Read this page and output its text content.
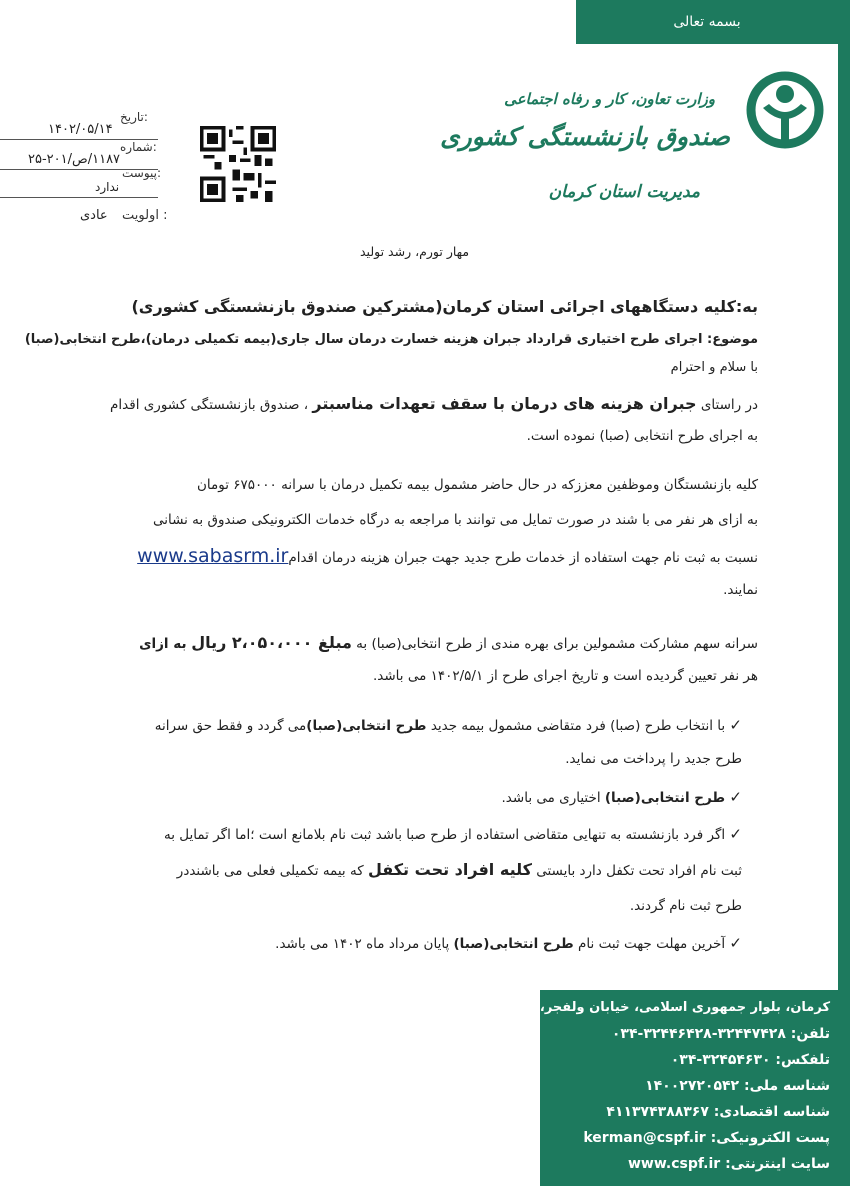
بسمه تعالی
وزارت تعاون، کار و رفاه اجتماعی
صندوق بازنشستگی کشوری
مدیریت استان کرمان
تاریخ:
۱۴۰۲/۰۵/۱۴
شماره:
۱۱۸۷/ص/۲۰۱-۲۵
پیوست:
ندارد
اولویت :
عادی
مهار تورم، رشد تولید
به:کلیه دستگاههای اجرائی استان کرمان(مشترکین صندوق بازنشستگی کشوری)
موضوع: اجرای طرح اختیاری قرارداد جبران هزینه خسارت درمان سال جاری(بیمه تکمیلی درمان)،طرح انتخابی(صبا)
با سلام و احترام
در راستای جبران هزینه های درمان با سقف تعهدات مناسبتر ، صندوق بازنشستگی کشوری اقدام
به اجرای طرح انتخابی (صبا) نموده است.
کلیه بازنشستگان وموظفین معززکه در حال حاضر مشمول بیمه تکمیل درمان با سرانه ۶۷۵۰۰۰ تومان
به ازای هر نفر می با شند در صورت تمایل می توانند با مراجعه به درگاه خدمات الکترونیکی صندوق به نشانی
نسبت به ثبت نام جهت استفاده از خدمات طرح جدید جهت جبران هزینه درمان اقدامwww.sabasrm.ir
نمایند.
سرانه سهم مشارکت مشمولین برای بهره مندی از طرح انتخابی(صبا) به مبلغ ۲،۰۵۰،۰۰۰ ریال به ازای
هر نفر تعیین گردیده است و تاریخ اجرای طرح از ۱۴۰۲/۵/۱ می باشد.
✓ با انتخاب طرح (صبا) فرد متقاضی مشمول بیمه جدید طرح انتخابی(صبا)می گردد و فقط حق سرانه
طرح جدید را پرداخت می نماید.
✓ طرح انتخابی(صبا) اختیاری می باشد.
✓ اگر فرد بازنشسته به تنهایی متقاضی استفاده از طرح صبا باشد ثبت نام بلامانع است ؛اما اگر تمایل به
ثبت نام افراد تحت تکفل دارد بایستی کلیه افراد تحت تکفل که بیمه تکمیلی فعلی می باشنددر
طرح ثبت نام گردند.
✓ آخرین مهلت جهت ثبت نام طرح انتخابی(صبا) پایان مرداد ماه ۱۴۰۲ می باشد.
کرمان، بلوار جمهوری اسلامی، خیابان ولفجر، نبش کوچه ۱۲
تلفن: ۳۲۴۴۷۴۲۸-۳۲۴۴۶۴۲۸-۰۳۴
تلفکس: ۳۲۴۵۴۶۳۰-۰۳۴
شناسه ملی: ۱۴۰۰۲۷۲۰۵۴۲
شناسه اقتصادی: ۴۱۱۳۷۴۳۸۸۳۶۷
پست الکترونیکی: kerman@cspf.ir
سایت اینترنتی: www.cspf.ir
